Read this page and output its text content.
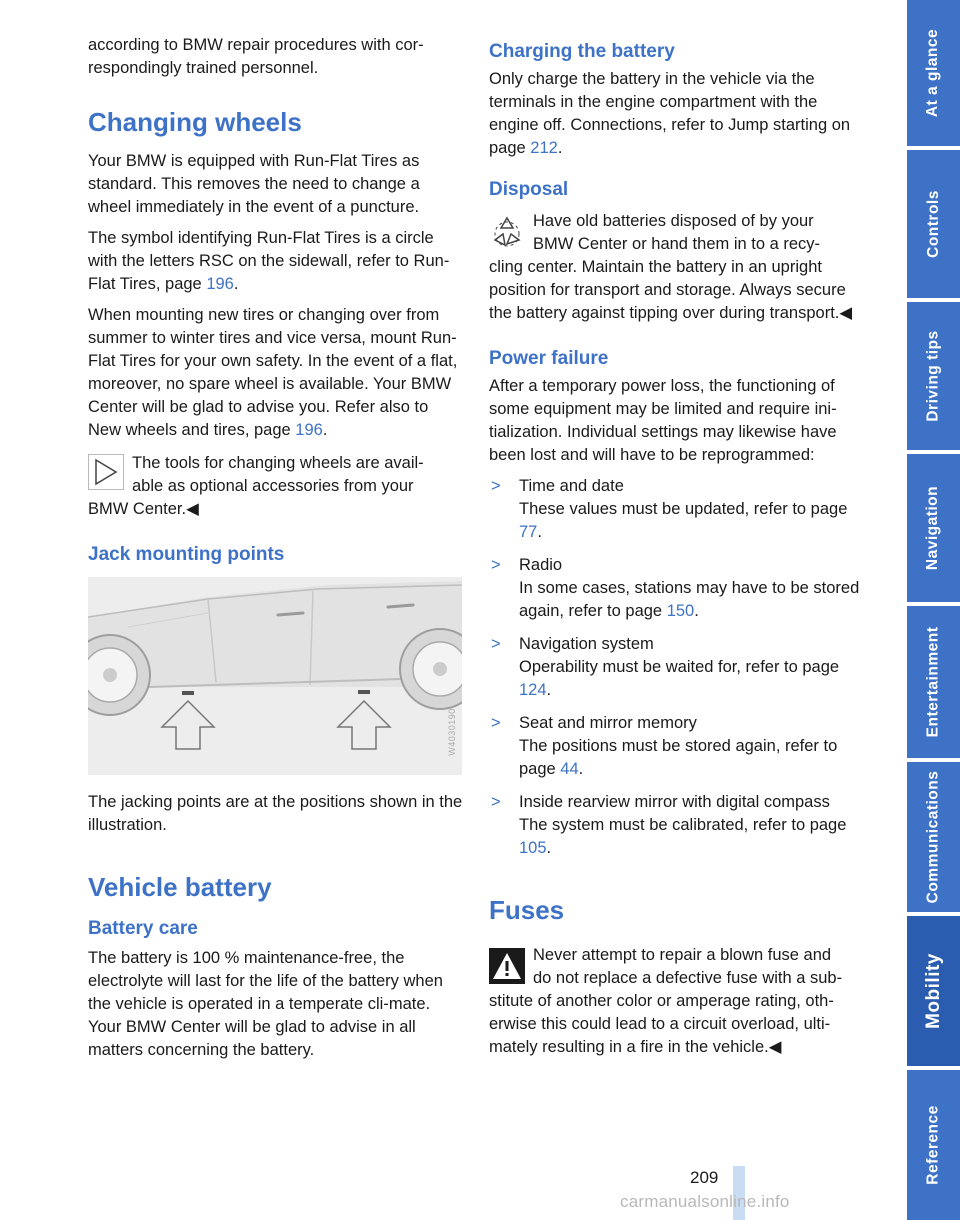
according to BMW repair procedures with cor-respondingly trained personnel.

Changing wheels

Your BMW is equipped with Run-Flat Tires as standard. This removes the need to change a wheel immediately in the event of a puncture.

The symbol identifying Run-Flat Tires is a circle with the letters RSC on the sidewall, refer to Run-Flat Tires, page 196.

When mounting new tires or changing over from summer to winter tires and vice versa, mount Run-Flat Tires for your own safety. In the event of a flat, moreover, no spare wheel is available. Your BMW Center will be glad to advise you. Refer also to New wheels and tires, page 196.

The tools for changing wheels are avail-
able as optional accessories from your
BMW Center.◀

Jack mounting points
W4030190

The jacking points are at the positions shown in the illustration.

Vehicle battery
Battery care

The battery is 100 % maintenance-free, the electrolyte will last for the life of the battery when the vehicle is operated in a temperate cli-mate. Your BMW Center will be glad to advise in all matters concerning the battery.

Charging the battery

Only charge the battery in the vehicle via the terminals in the engine compartment with the engine off. Connections, refer to Jump starting on page 212.

Disposal

Have old batteries disposed of by your
BMW Center or hand them in to a recy-
cling center. Maintain the battery in an upright position for transport and storage. Always secure the battery against tipping over during transport.◀

Power failure

After a temporary power loss, the functioning of some equipment may be limited and require ini-tialization. Individual settings may likewise have been lost and will have to be reprogrammed:

> Time and date
These values must be updated, refer to page 77.
> Radio
In some cases, stations may have to be stored again, refer to page 150.
> Navigation system
Operability must be waited for, refer to page 124.
> Seat and mirror memory
The positions must be stored again, refer to page 44.
> Inside rearview mirror with digital compass
The system must be calibrated, refer to page 105.
Fuses

Never attempt to repair a blown fuse and
do not replace a defective fuse with a sub-
stitute of another color or amperage rating, oth-erwise this could lead to a circuit overload, ulti-mately resulting in a fire in the vehicle.◀

At a glance
Controls
Driving tips
Navigation
Entertainment
Communications
Mobility
Reference
209
carmanualsonline.info
